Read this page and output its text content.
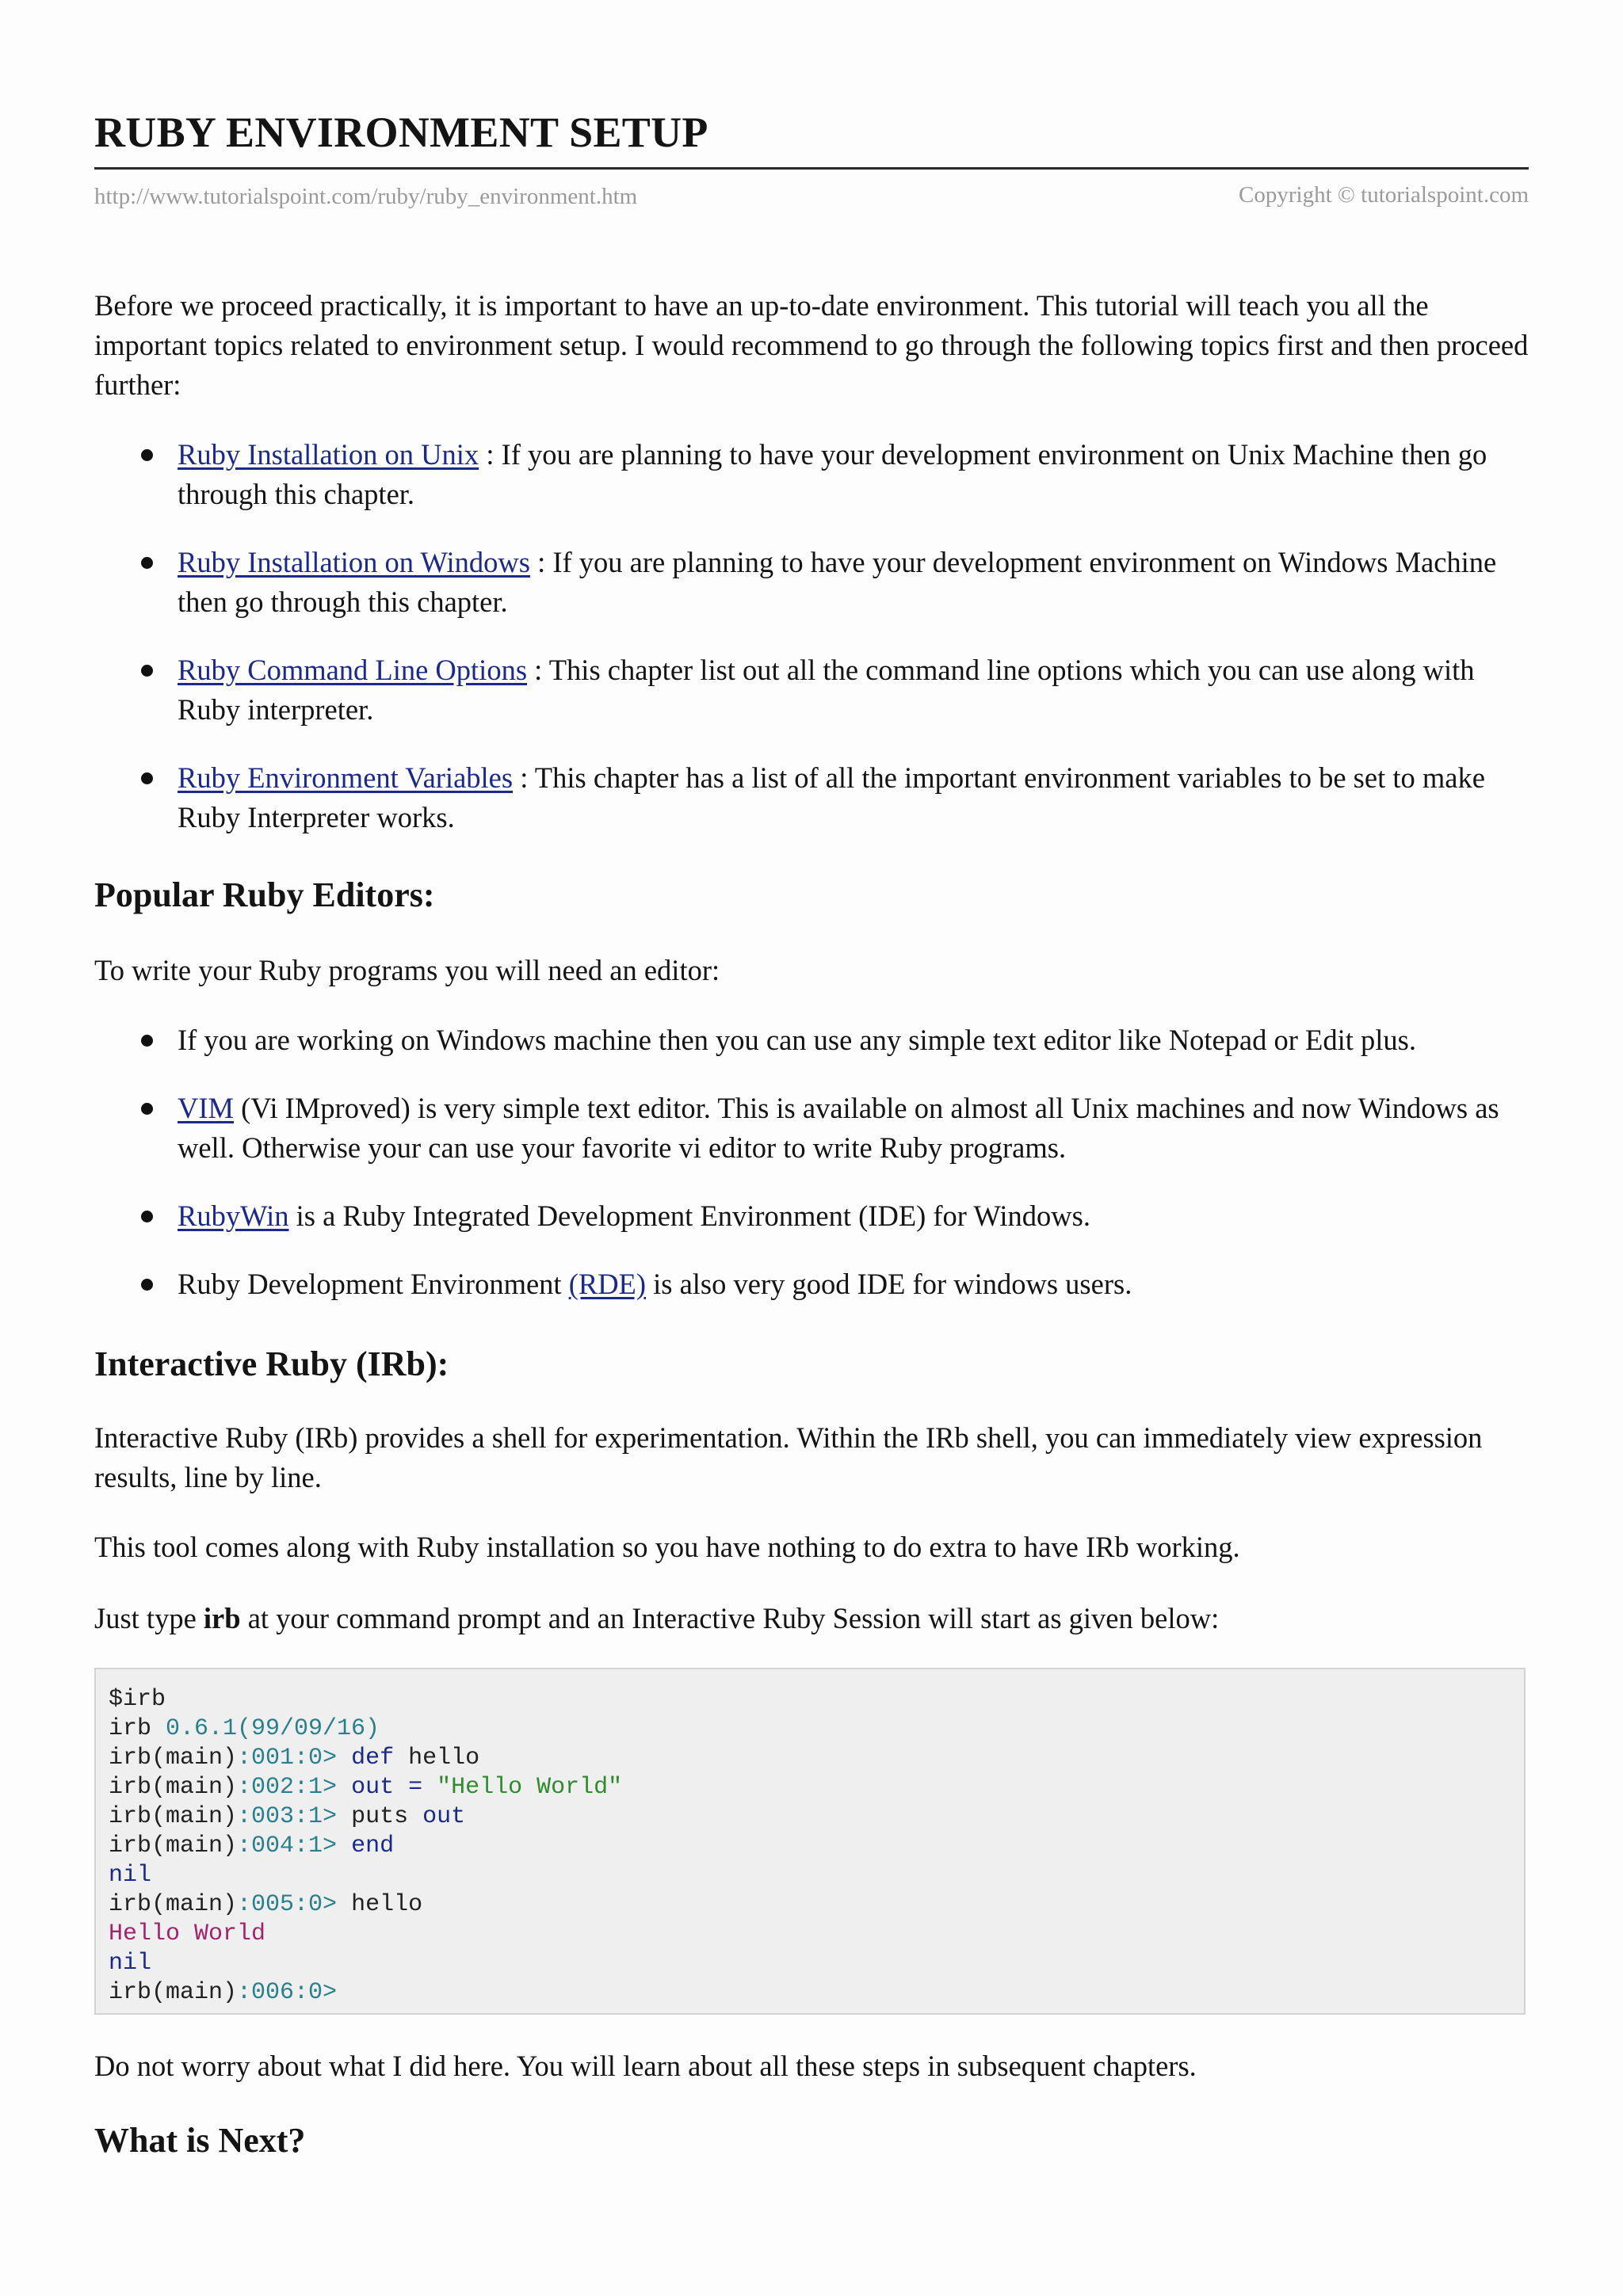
RUBY ENVIRONMENT SETUP
http://www.tutorialspoint.com/ruby/ruby_environment.htm	Copyright © tutorialspoint.com

Before we proceed practically, it is important to have an up-to-date environment. This tutorial will teach you all the important topics related to environment setup. I would recommend to go through the following topics first and then proceed further:

Ruby Installation on Unix : If you are planning to have your development environment on Unix Machine then go through this chapter.
Ruby Installation on Windows : If you are planning to have your development environment on Windows Machine then go through this chapter.
Ruby Command Line Options : This chapter list out all the command line options which you can use along with Ruby interpreter.
Ruby Environment Variables : This chapter has a list of all the important environment variables to be set to make Ruby Interpreter works.
Popular Ruby Editors:

To write your Ruby programs you will need an editor:

If you are working on Windows machine then you can use any simple text editor like Notepad or Edit plus.
VIM (Vi IMproved) is very simple text editor. This is available on almost all Unix machines and now Windows as well. Otherwise your can use your favorite vi editor to write Ruby programs.
RubyWin is a Ruby Integrated Development Environment (IDE) for Windows.
Ruby Development Environment (RDE) is also very good IDE for windows users.
Interactive Ruby (IRb):

Interactive Ruby (IRb) provides a shell for experimentation. Within the IRb shell, you can immediately view expression results, line by line.

This tool comes along with Ruby installation so you have nothing to do extra to have IRb working.

Just type irb at your command prompt and an Interactive Ruby Session will start as given below:

$irb
irb 0.6.1(99/09/16)
irb(main):001:0> def hello
irb(main):002:1> out = "Hello World"
irb(main):003:1> puts out
irb(main):004:1> end
nil
irb(main):005:0> hello
Hello World
nil
irb(main):006:0>

Do not worry about what I did here. You will learn about all these steps in subsequent chapters.

What is Next?
